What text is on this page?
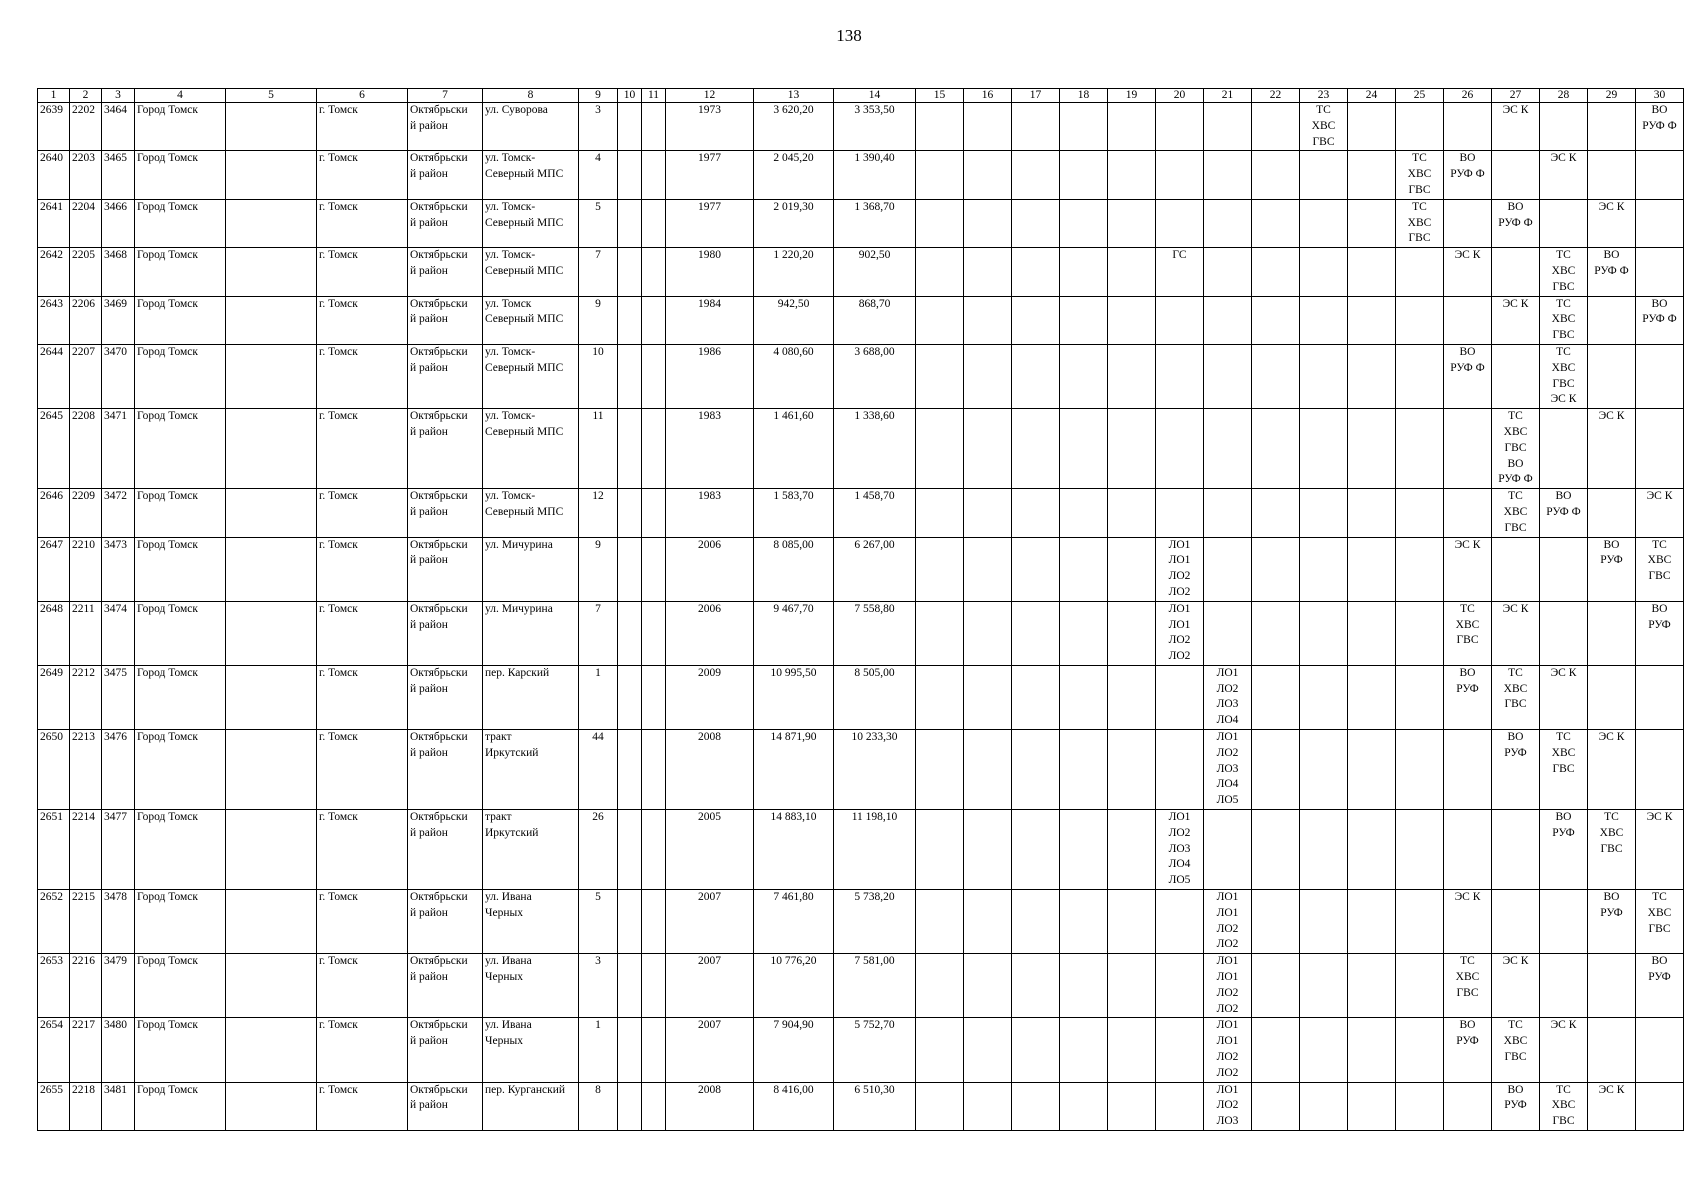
138
1	2	3	4	5	6	7	8	9	10	11	12	13	14	15	16	17	18	19	20	21	22	23	24	25	26	27	28	29	30
2639	2202	3464	Город Томск		г. Томск	Октябрьски
й район	ул. Суворова	3			1973	3 620,20	3 353,50									ТС
ХВС
ГВС				ЭС К			ВО
РУФ Ф
2640	2203	3465	Город Томск		г. Томск	Октябрьски
й район	ул. Томск-
Северный МПС	4			1977	2 045,20	1 390,40											ТС
ХВС
ГВС	ВО
РУФ Ф		ЭС К		
2641	2204	3466	Город Томск		г. Томск	Октябрьски
й район	ул. Томск-
Северный МПС	5			1977	2 019,30	1 368,70											ТС
ХВС
ГВС		ВО
РУФ Ф		ЭС К	
2642	2205	3468	Город Томск		г. Томск	Октябрьски
й район	ул. Томск-
Северный МПС	7			1980	1 220,20	902,50						ГС						ЭС К		ТС
ХВС
ГВС	ВО
РУФ Ф	
2643	2206	3469	Город Томск		г. Томск	Октябрьски
й район	ул. Томск
Северный МПС	9			1984	942,50	868,70													ЭС К	ТС
ХВС
ГВС		ВО
РУФ Ф
2644	2207	3470	Город Томск		г. Томск	Октябрьски
й район	ул. Томск-
Северный МПС	10			1986	4 080,60	3 688,00												ВО
РУФ Ф		ТС
ХВС
ГВС
ЭС К		
2645	2208	3471	Город Томск		г. Томск	Октябрьски
й район	ул. Томск-
Северный МПС	11			1983	1 461,60	1 338,60													ТС
ХВС
ГВС
ВО
РУФ Ф		ЭС К	
2646	2209	3472	Город Томск		г. Томск	Октябрьски
й район	ул. Томск-
Северный МПС	12			1983	1 583,70	1 458,70													ТС
ХВС
ГВС	ВО
РУФ Ф		ЭС К
2647	2210	3473	Город Томск		г. Томск	Октябрьски
й район	ул. Мичурина	9			2006	8 085,00	6 267,00						ЛО1
ЛО1
ЛО2
ЛО2						ЭС К			ВО
РУФ	ТС
ХВС
ГВС
2648	2211	3474	Город Томск		г. Томск	Октябрьски
й район	ул. Мичурина	7			2006	9 467,70	7 558,80						ЛО1
ЛО1
ЛО2
ЛО2						ТС
ХВС
ГВС	ЭС К			ВО
РУФ
2649	2212	3475	Город Томск		г. Томск	Октябрьски
й район	пер. Карский	1			2009	10 995,50	8 505,00							ЛО1
ЛО2
ЛО3
ЛО4					ВО
РУФ	ТС
ХВС
ГВС	ЭС К		
2650	2213	3476	Город Томск		г. Томск	Октябрьски
й район	тракт
Иркутский	44			2008	14 871,90	10 233,30							ЛО1
ЛО2
ЛО3
ЛО4
ЛО5						ВО
РУФ	ТС
ХВС
ГВС	ЭС К	
2651	2214	3477	Город Томск		г. Томск	Октябрьски
й район	тракт
Иркутский	26			2005	14 883,10	11 198,10						ЛО1
ЛО2
ЛО3
ЛО4
ЛО5								ВО
РУФ	ТС
ХВС
ГВС	ЭС К
2652	2215	3478	Город Томск		г. Томск	Октябрьски
й район	ул. Ивана
Черных	5			2007	7 461,80	5 738,20							ЛО1
ЛО1
ЛО2
ЛО2					ЭС К			ВО
РУФ	ТС
ХВС
ГВС
2653	2216	3479	Город Томск		г. Томск	Октябрьски
й район	ул. Ивана
Черных	3			2007	10 776,20	7 581,00							ЛО1
ЛО1
ЛО2
ЛО2					ТС
ХВС
ГВС	ЭС К			ВО
РУФ
2654	2217	3480	Город Томск		г. Томск	Октябрьски
й район	ул. Ивана
Черных	1			2007	7 904,90	5 752,70							ЛО1
ЛО1
ЛО2
ЛО2					ВО
РУФ	ТС
ХВС
ГВС	ЭС К		
2655	2218	3481	Город Томск		г. Томск	Октябрьски
й район	пер. Курганский	8			2008	8 416,00	6 510,30							ЛО1
ЛО2
ЛО3						ВО
РУФ	ТС
ХВС
ГВС	ЭС К	
